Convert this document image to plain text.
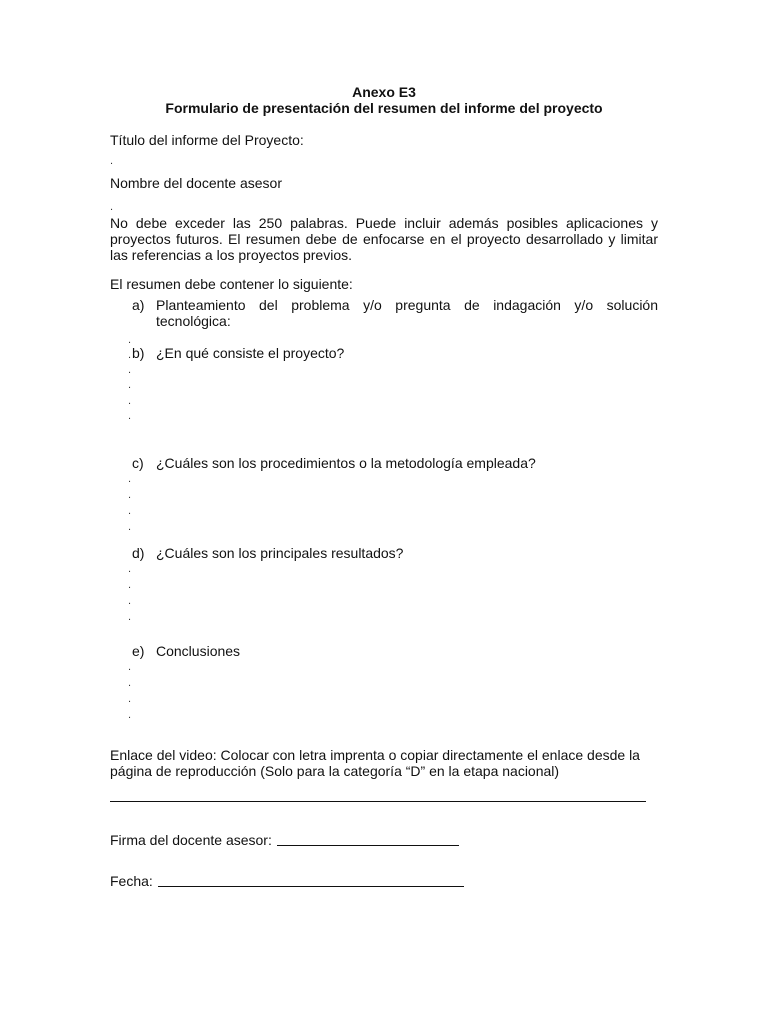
Anexo E3
Formulario de presentación del resumen del informe del proyecto
Título del informe del Proyecto:
.
Nombre del docente asesor
.
No debe exceder las 250 palabras. Puede incluir además posibles aplicaciones y proyectos futuros. El resumen debe de enfocarse en el proyecto desarrollado y limitar las referencias a los proyectos previos.
El resumen debe contener lo siguiente:
a) Planteamiento del problema y/o pregunta de indagación y/o solución tecnológica:
.
. b) ¿En qué consiste el proyecto?
.
.
.
.
c) ¿Cuáles son los procedimientos o la metodología empleada?
.
.
.
.
d) ¿Cuáles son los principales resultados?
.
.
.
.
e) Conclusiones
.
.
.
.
Enlace del video: Colocar con letra imprenta o copiar directamente el enlace desde la página de reproducción (Solo para la categoría “D” en la etapa nacional)
Firma del docente asesor:
Fecha:
